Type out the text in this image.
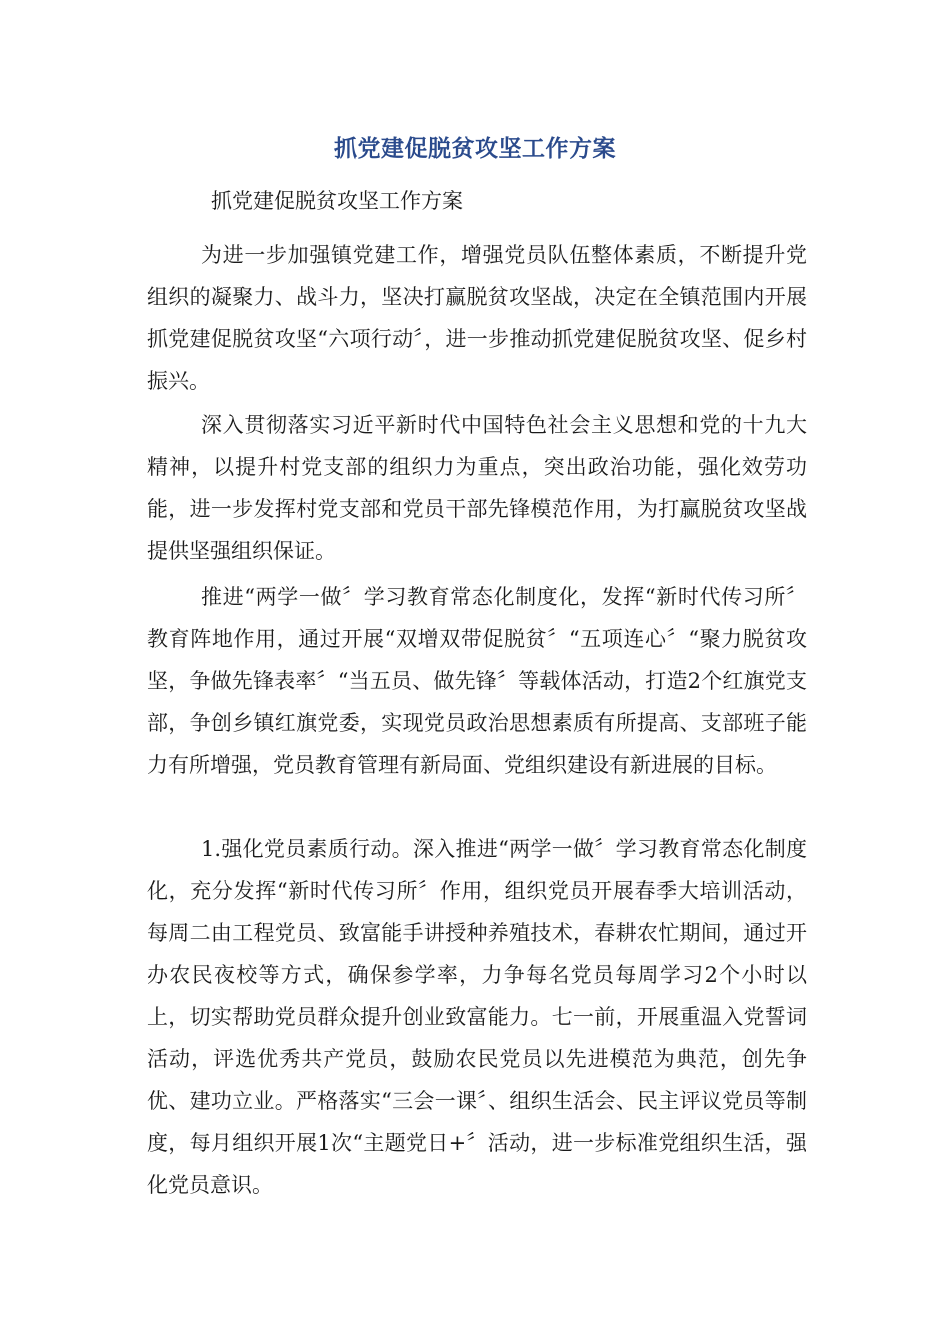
抓党建促脱贫攻坚工作方案
抓党建促脱贫攻坚工作方案

为进一步加强镇党建工作，增强党员队伍整体素质，不断提升党组织的凝聚力、战斗力，坚决打赢脱贫攻坚战，决定在全镇范围内开展抓党建促脱贫攻坚“六项行动〞，进一步推动抓党建促脱贫攻坚、促乡村振兴。

深入贯彻落实习近平新时代中国特色社会主义思想和党的十九大精神，以提升村党支部的组织力为重点，突出政治功能，强化效劳功能，进一步发挥村党支部和党员干部先锋模范作用，为打赢脱贫攻坚战提供坚强组织保证。

推进“两学一做〞学习教育常态化制度化，发挥“新时代传习所〞教育阵地作用，通过开展“双增双带促脱贫〞“五项连心〞“聚力脱贫攻坚，争做先锋表率〞“当五员、做先锋〞等载体活动，打造2个红旗党支部，争创乡镇红旗党委，实现党员政治思想素质有所提高、支部班子能力有所增强，党员教育管理有新局面、党组织建设有新进展的目标。

1.强化党员素质行动。深入推进“两学一做〞学习教育常态化制度化，充分发挥“新时代传习所〞作用，组织党员开展春季大培训活动，每周二由工程党员、致富能手讲授种养殖技术，春耕农忙期间，通过开办农民夜校等方式，确保参学率，力争每名党员每周学习2个小时以上，切实帮助党员群众提升创业致富能力。七一前，开展重温入党誓词活动，评选优秀共产党员，鼓励农民党员以先进模范为典范，创先争优、建功立业。严格落实“三会一课〞、组织生活会、民主评议党员等制度，每月组织开展1次“主题党日+〞活动，进一步标准党组织生活，强化党员意识。
